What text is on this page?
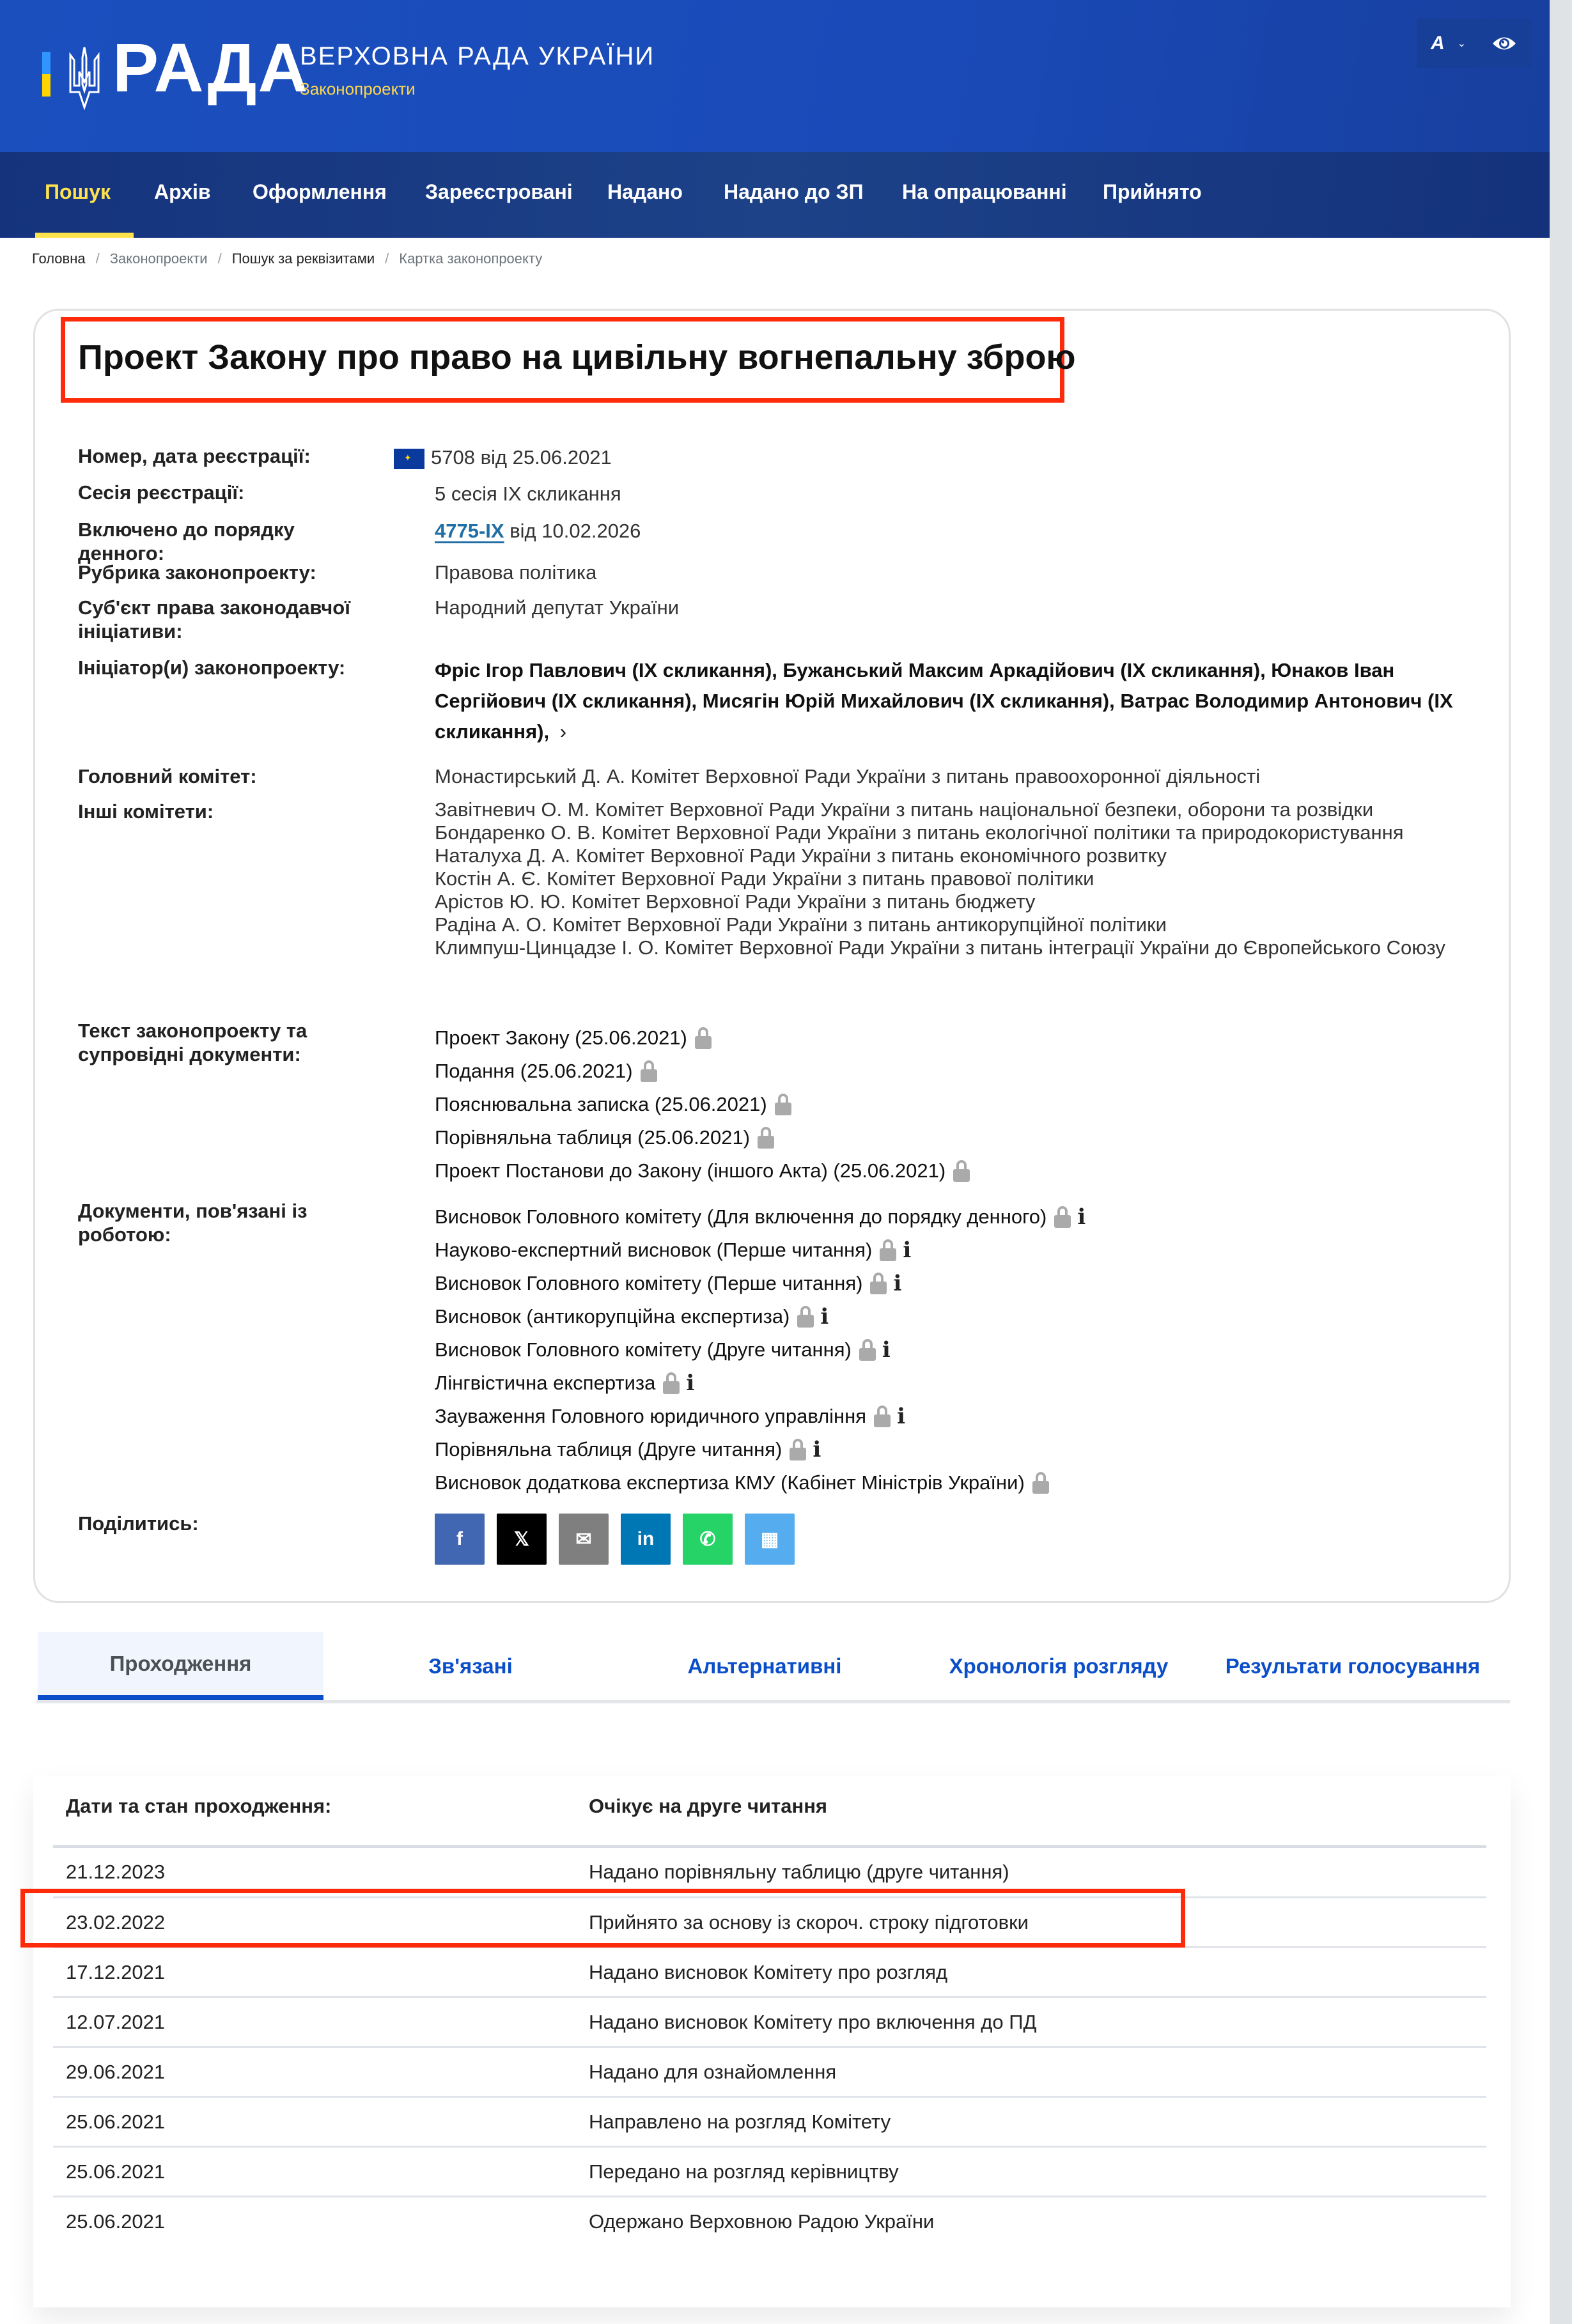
РАДА
ВЕРХОВНА РАДА УКРАЇНИ
Законопроекти
A ⌄
Пошук Архів Оформлення Зареєстровані Надано Надано до ЗП На опрацюванні Прийнято
Головна / Законопроекти / Пошук за реквізитами / Картка законопроекту
Проект Закону про право на цивільну вогнепальну зброю
Номер, дата реєстрації: ✦	5708 від 25.06.2021
Сесія реєстрації:	5 сесія IX скликання
Включено до порядку денного:
4775-IX від 10.02.2026
Рубрика законопроекту:	Правова політика
Суб'єкт права законодавчої ініціативи:
Народний депутат України
Ініціатор(и) законопроекту:	Фріс Ігор Павлович (IX скликання), Бужанський Максим Аркадійович (IX скликання), Юнаков Іван Сергійович (IX скликання), Мисягін Юрій Михайлович (IX скликання), Ватрас Володимир Антонович (IX скликання), ›
Головний комітет:	Монастирський Д. А. Комітет Верховної Ради України з питань правоохоронної діяльності
Інші комітети:	Завітневич О. М. Комітет Верховної Ради України з питань національної безпеки, оборони та розвідки
Бондаренко О. В. Комітет Верховної Ради України з питань екологічної політики та природокористування
Наталуха Д. А. Комітет Верховної Ради України з питань економічного розвитку
Костін А. Є. Комітет Верховної Ради України з питань правової політики
Арістов Ю. Ю. Комітет Верховної Ради України з питань бюджету
Радіна А. О. Комітет Верховної Ради України з питань антикорупційної політики
Климпуш-Цинцадзе І. О. Комітет Верховної Ради України з питань інтеграції України до Європейського Союзу
Текст законопроекту та супровідні документи:
Проект Закону (25.06.2021)
Подання (25.06.2021)
Пояснювальна записка (25.06.2021)
Порівняльна таблиця (25.06.2021)
Проект Постанови до Закону (іншого Акта) (25.06.2021)
Документи, пов'язані із роботою:
Висновок Головного комітету (Для включення до порядку денного) i
Науково-експертний висновок (Перше читання) i
Висновок Головного комітету (Перше читання) i
Висновок (антикорупційна експертиза) i
Висновок Головного комітету (Друге читання) i
Лінгвістична експертиза i
Зауваження Головного юридичного управління i
Порівняльна таблиця (Друге читання) i
Висновок додаткова експертиза КМУ (Кабінет Міністрів України)
Поділитись:
f	𝕏 ✉ in ✆ ▦
Проходження	Зв'язані	Альтернативні	Хронологія розгляду	Результати голосування
Дати та стан проходження:	Очікує на друге читання
21.12.2023	Надано порівняльну таблицю (друге читання)
23.02.2022	Прийнято за основу із скороч. строку підготовки
17.12.2021	Надано висновок Комітету про розгляд
12.07.2021	Надано висновок Комітету про включення до ПД
29.06.2021	Надано для ознайомлення
25.06.2021	Направлено на розгляд Комітету
25.06.2021	Передано на розгляд керівництву
25.06.2021	Одержано Верховною Радою України
